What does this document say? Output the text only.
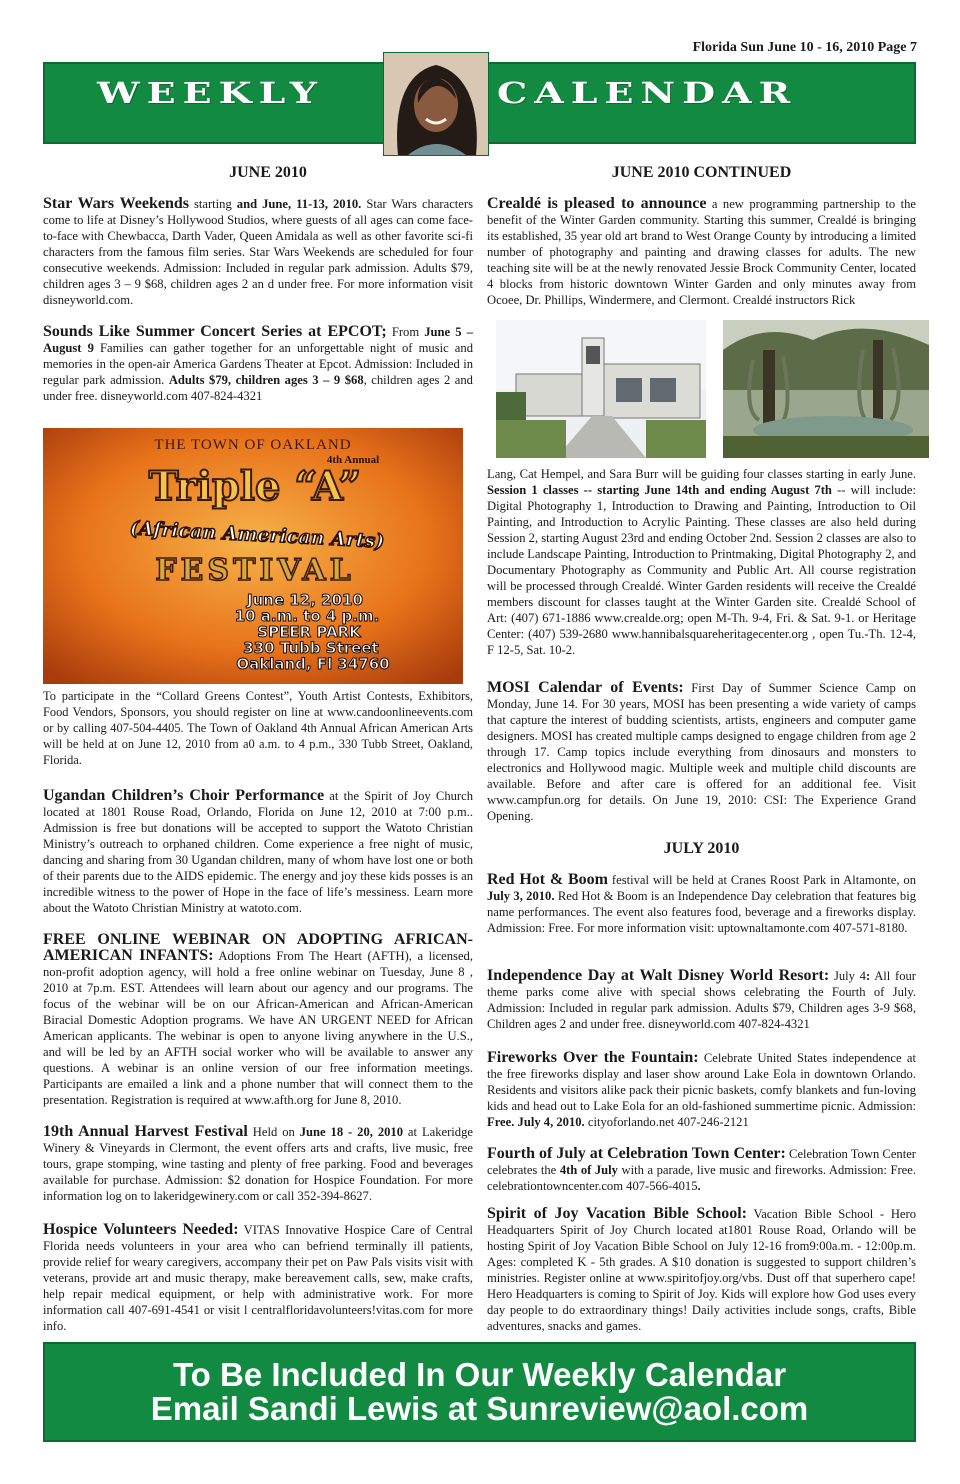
Florida Sun June 10 - 16, 2010 Page 7
WEEKLY	CALENDAR
JUNE 2010

Star Wars Weekends starting and June, 11-13, 2010. Star Wars characters come to life at Disney’s Hollywood Studios, where guests of all ages can come face-to-face with Chewbacca, Darth Vader, Queen Amidala as well as other favorite sci-fi characters from the famous film series. Star Wars Weekends are scheduled for four consecutive weekends. Admission: Included in regular park admission. Adults $79, children ages 3 – 9 $68, children ages 2 an d under free. For more information visit disneyworld.com.

Sounds Like Summer Concert Series at EPCOT; From June 5 – August 9 Families can gather together for an unforgettable night of music and memories in the open-air America Gardens Theater at Epcot. Admission: Included in regular park admission. Adults $79, children ages 3 – 9 $68, children ages 2 and under free. disneyworld.com 407-824-4321

THE TOWN OF OAKLAND
4th Annual
Triple “A”
(African American Arts)
FESTIVAL
June 12, 2010
10 a.m. to 4 p.m.
SPEER PARK
330 Tubb Street
Oakland, Fl 34760

To participate in the “Collard Greens Contest”, Youth Artist Contests, Exhibitors, Food Vendors, Sponsors, you should register on line at www.candoonlineevents.com or by calling 407-504-4405. The Town of Oakland 4th Annual African American Arts will be held at on June 12, 2010 from a0 a.m. to 4 p.m., 330 Tubb Street, Oakland, Florida.

Ugandan Children’s Choir Performance at the Spirit of Joy Church located at 1801 Rouse Road, Orlando, Florida on June 12, 2010 at 7:00 p.m.. Admission is free but donations will be accepted to support the Watoto Christian Ministry’s outreach to orphaned children. Come experience a free night of music, dancing and sharing from 30 Ugandan children, many of whom have lost one or both of their parents due to the AIDS epidemic. The energy and joy these kids posses is an incredible witness to the power of Hope in the face of life’s messiness. Learn more about the Watoto Christian Ministry at watoto.com.

FREE ONLINE WEBINAR ON ADOPTING AFRICAN-AMERICAN INFANTS: Adoptions From The Heart (AFTH), a licensed, non-profit adoption agency, will hold a free online webinar on Tuesday, June 8 , 2010 at 7p.m. EST. Attendees will learn about our agency and our programs. The focus of the webinar will be on our African-American and African-American Biracial Domestic Adoption programs. We have AN URGENT NEED for African American applicants. The webinar is open to anyone living anywhere in the U.S., and will be led by an AFTH social worker who will be available to answer any questions. A webinar is an online version of our free information meetings. Participants are emailed a link and a phone number that will connect them to the presentation. Registration is required at www.afth.org for June 8, 2010.

19th Annual Harvest Festival Held on June 18 - 20, 2010 at Lakeridge Winery & Vineyards in Clermont, the event offers arts and crafts, live music, free tours, grape stomping, wine tasting and plenty of free parking. Food and beverages available for purchase. Admission: $2 donation for Hospice Foundation. For more information log on to lakeridgewinery.com or call 352-394-8627.

Hospice Volunteers Needed: VITAS Innovative Hospice Care of Central Florida needs volunteers in your area who can befriend terminally ill patients, provide relief for weary caregivers, accompany their pet on Paw Pals visits visit with veterans, provide art and music therapy, make bereavement calls, sew, make crafts, help repair medical equipment, or help with administrative work. For more information call 407-691-4541 or visit l centralfloridavolunteers!vitas.com for more info.

JUNE 2010 CONTINUED

Crealdé is pleased to announce a new programming partnership to the benefit of the Winter Garden community. Starting this summer, Crealdé is bringing its established, 35 year old art brand to West Orange County by introducing a limited number of photography and painting and drawing classes for adults. The new teaching site will be at the newly renovated Jessie Brock Community Center, located 4 blocks from historic downtown Winter Garden and only minutes away from Ocoee, Dr. Phillips, Windermere, and Clermont. Crealdé instructors Rick

Lang, Cat Hempel, and Sara Burr will be guiding four classes starting in early June. Session 1 classes -- starting June 14th and ending August 7th -- will include: Digital Photography 1, Introduction to Drawing and Painting, Introduction to Oil Painting, and Introduction to Acrylic Painting. These classes are also held during Session 2, starting August 23rd and ending October 2nd. Session 2 classes are also to include Landscape Painting, Introduction to Printmaking, Digital Photography 2, and Documentary Photography as Community and Public Art. All course registration will be processed through Crealdé. Winter Garden residents will receive the Crealdé members discount for classes taught at the Winter Garden site. Crealdé School of Art: (407) 671-1886 www.crealde.org; open M-Th. 9-4, Fri. & Sat. 9-1. or Heritage Center: (407) 539-2680 www.hannibalsquareheritagecenter.org , open Tu.-Th. 12-4, F 12-5, Sat. 10-2.

MOSI Calendar of Events: First Day of Summer Science Camp on Monday, June 14. For 30 years, MOSI has been presenting a wide variety of camps that capture the interest of budding scientists, artists, engineers and computer game designers. MOSI has created multiple camps designed to engage children from age 2 through 17. Camp topics include everything from dinosaurs and monsters to electronics and Hollywood magic. Multiple week and multiple child discounts are available. Before and after care is offered for an additional fee. Visit www.campfun.org for details. On June 19, 2010: CSI: The Experience Grand Opening.

JULY 2010

Red Hot & Boom festival will be held at Cranes Roost Park in Altamonte, on July 3, 2010. Red Hot & Boom is an Independence Day celebration that features big name performances. The event also features food, beverage and a fireworks display. Admission: Free. For more information visit: uptownaltamonte.com 407-571-8180.

Independence Day at Walt Disney World Resort: July 4: All four theme parks come alive with special shows celebrating the Fourth of July. Admission: Included in regular park admission. Adults $79, Children ages 3-9 $68, Children ages 2 and under free. disneyworld.com 407-824-4321

Fireworks Over the Fountain: Celebrate United States independence at the free fireworks display and laser show around Lake Eola in downtown Orlando. Residents and visitors alike pack their picnic baskets, comfy blankets and fun-loving kids and head out to Lake Eola for an old-fashioned summertime picnic. Admission: Free. July 4, 2010. cityoforlando.net 407-246-2121

Fourth of July at Celebration Town Center: Celebration Town Center celebrates the 4th of July with a parade, live music and fireworks. Admission: Free. celebrationtowncenter.com 407-566-4015.

Spirit of Joy Vacation Bible School: Vacation Bible School - Hero Headquarters Spirit of Joy Church located at1801 Rouse Road, Orlando will be hosting Spirit of Joy Vacation Bible School on July 12-16 from9:00a.m. - 12:00p.m. Ages: completed K - 5th grades. A $10 donation is suggested to support children’s ministries. Register online at www.spiritofjoy.org/vbs. Dust off that superhero cape! Hero Headquarters is coming to Spirit of Joy. Kids will explore how God uses every day people to do extraordinary things! Daily activities include songs, crafts, Bible adventures, snacks and games.

To Be Included In Our Weekly Calendar
Email Sandi Lewis at Sunreview@aol.com
